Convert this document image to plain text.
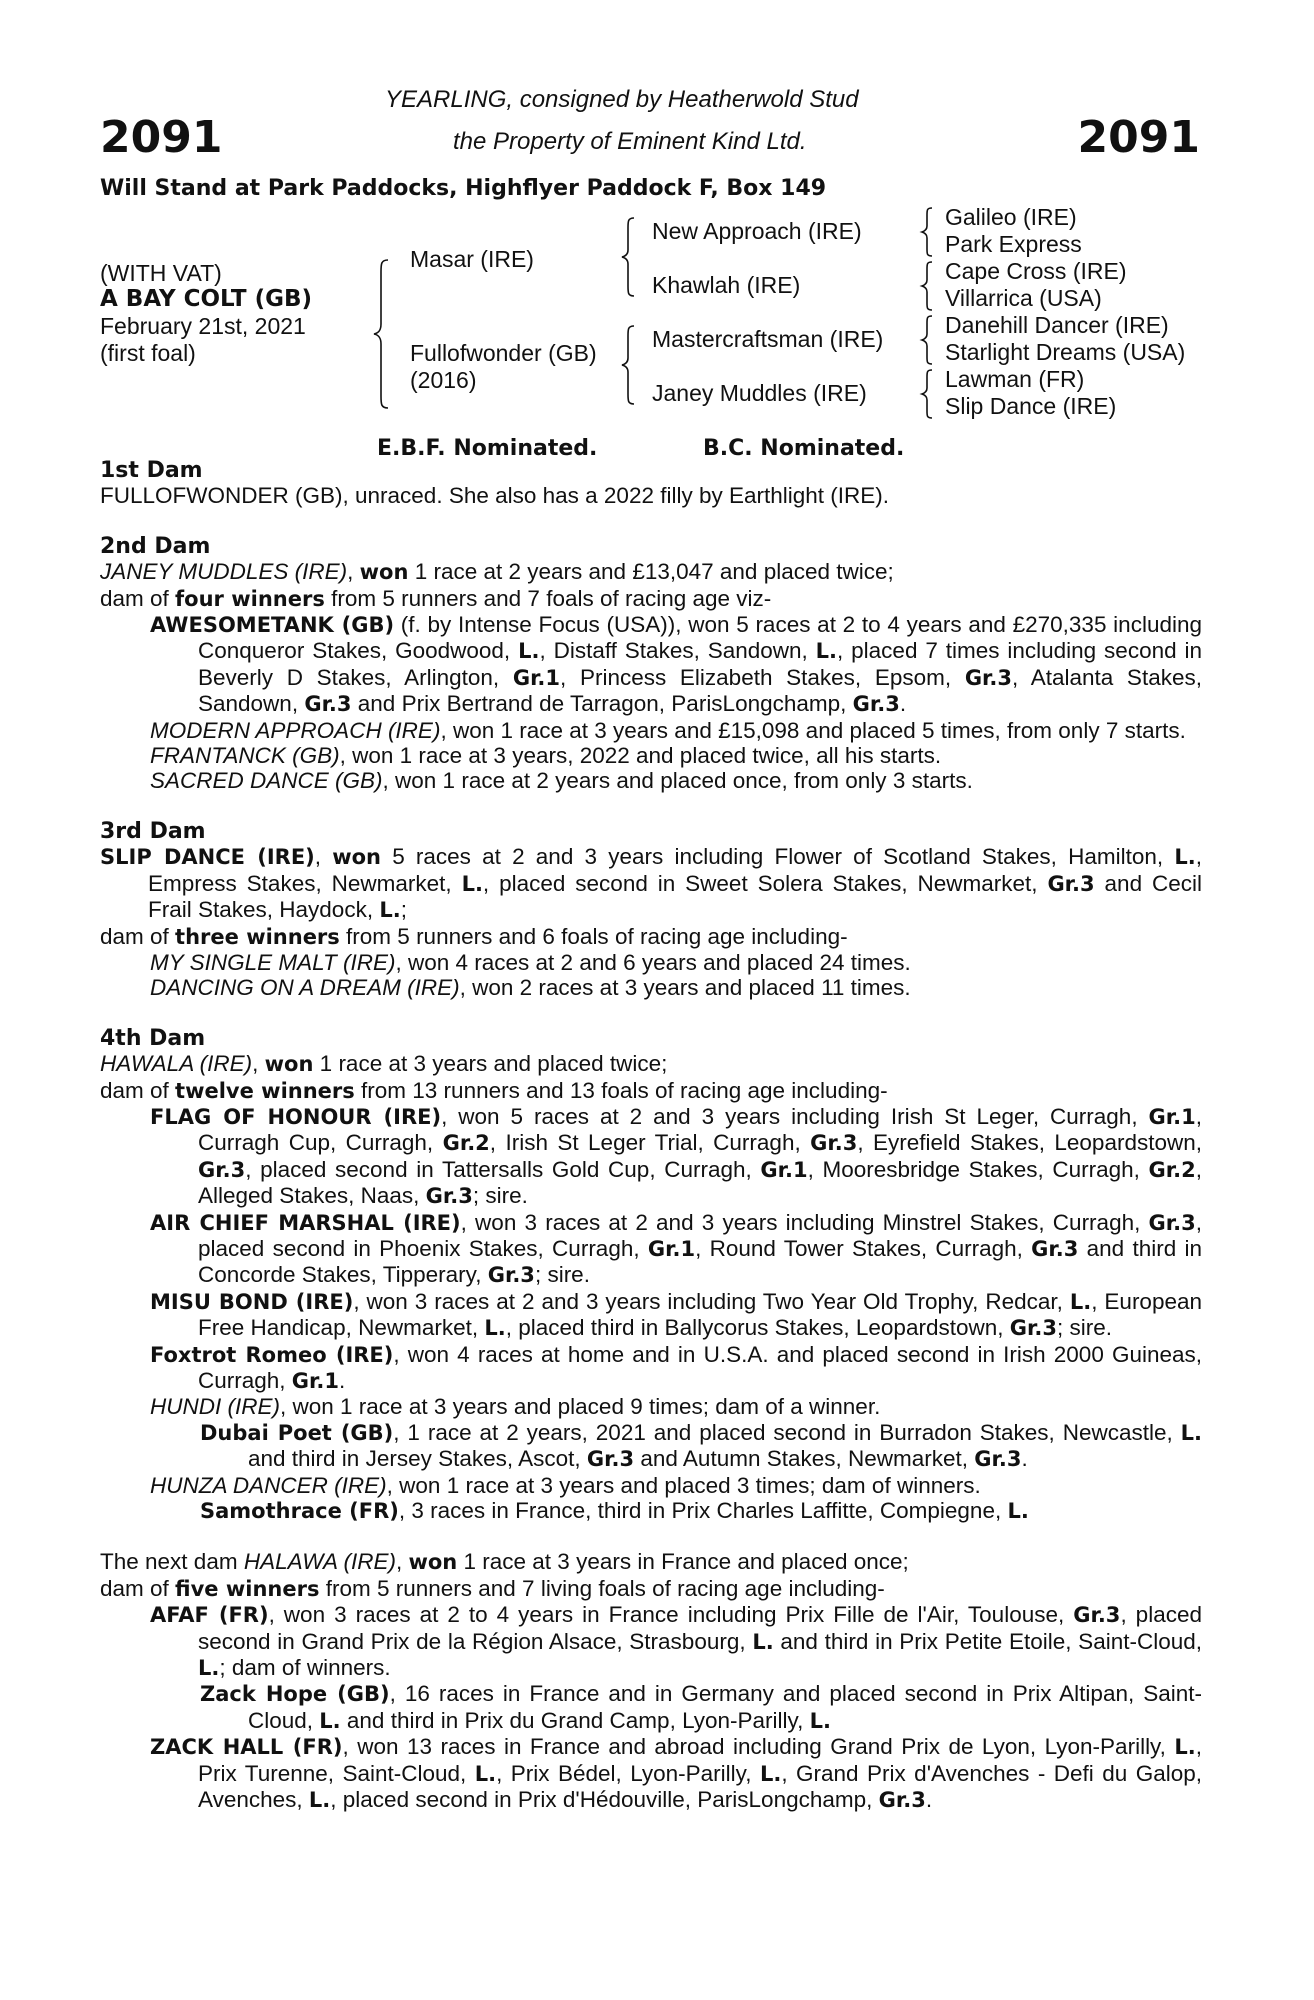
2091	2091
YEARLING, consigned by Heatherwold Stud
the Property of Eminent Kind Ltd.
Will Stand at Park Paddocks, Highflyer Paddock F, Box 149
(WITH VAT)
A BAY COLT (GB)
February 21st, 2021
(first foal)
Masar (IRE)
Fullofwonder (GB)
(2016)
New Approach (IRE)
Khawlah (IRE)
Mastercraftsman (IRE)
Janey Muddles (IRE)
Galileo (IRE)
Park Express
Cape Cross (IRE)
Villarrica (USA)
Danehill Dancer (IRE)
Starlight Dreams (USA)
Lawman (FR)
Slip Dance (IRE)
E.B.F. Nominated.	B.C. Nominated.
1st Dam
FULLOFWONDER (GB), unraced. She also has a 2022 filly by Earthlight (IRE).
2nd Dam
JANEY MUDDLES (IRE), won 1 race at 2 years and £13,047 and placed twice;
dam of four winners from 5 runners and 7 foals of racing age viz-
AWESOMETANK (GB) (f. by Intense Focus (USA)), won 5 races at 2 to 4 years and £270,335 including Conqueror Stakes, Goodwood, L., Distaff Stakes, Sandown, L., placed 7 times including second in Beverly D Stakes, Arlington, Gr.1, Princess Elizabeth Stakes, Epsom, Gr.3, Atalanta Stakes, Sandown, Gr.3 and Prix Bertrand de Tarragon, ParisLongchamp, Gr.3.
MODERN APPROACH (IRE), won 1 race at 3 years and £15,098 and placed 5 times, from only 7 starts.
FRANTANCK (GB), won 1 race at 3 years, 2022 and placed twice, all his starts.
SACRED DANCE (GB), won 1 race at 2 years and placed once, from only 3 starts.
3rd Dam
SLIP DANCE (IRE), won 5 races at 2 and 3 years including Flower of Scotland Stakes, Hamilton, L., Empress Stakes, Newmarket, L., placed second in Sweet Solera Stakes, Newmarket, Gr.3 and Cecil Frail Stakes, Haydock, L.;
dam of three winners from 5 runners and 6 foals of racing age including-
MY SINGLE MALT (IRE), won 4 races at 2 and 6 years and placed 24 times.
DANCING ON A DREAM (IRE), won 2 races at 3 years and placed 11 times.
4th Dam
HAWALA (IRE), won 1 race at 3 years and placed twice;
dam of twelve winners from 13 runners and 13 foals of racing age including-
FLAG OF HONOUR (IRE), won 5 races at 2 and 3 years including Irish St Leger, Curragh, Gr.1, Curragh Cup, Curragh, Gr.2, Irish St Leger Trial, Curragh, Gr.3, Eyrefield Stakes, Leopardstown, Gr.3, placed second in Tattersalls Gold Cup, Curragh, Gr.1, Mooresbridge Stakes, Curragh, Gr.2, Alleged Stakes, Naas, Gr.3; sire.
AIR CHIEF MARSHAL (IRE), won 3 races at 2 and 3 years including Minstrel Stakes, Curragh, Gr.3, placed second in Phoenix Stakes, Curragh, Gr.1, Round Tower Stakes, Curragh, Gr.3 and third in Concorde Stakes, Tipperary, Gr.3; sire.
MISU BOND (IRE), won 3 races at 2 and 3 years including Two Year Old Trophy, Redcar, L., European Free Handicap, Newmarket, L., placed third in Ballycorus Stakes, Leopardstown, Gr.3; sire.
Foxtrot Romeo (IRE), won 4 races at home and in U.S.A. and placed second in Irish 2000 Guineas, Curragh, Gr.1.
HUNDI (IRE), won 1 race at 3 years and placed 9 times; dam of a winner.
Dubai Poet (GB), 1 race at 2 years, 2021 and placed second in Burradon Stakes, Newcastle, L. and third in Jersey Stakes, Ascot, Gr.3 and Autumn Stakes, Newmarket, Gr.3.
HUNZA DANCER (IRE), won 1 race at 3 years and placed 3 times; dam of winners.
Samothrace (FR), 3 races in France, third in Prix Charles Laffitte, Compiegne, L.
The next dam HALAWA (IRE), won 1 race at 3 years in France and placed once;
dam of five winners from 5 runners and 7 living foals of racing age including-
AFAF (FR), won 3 races at 2 to 4 years in France including Prix Fille de l'Air, Toulouse, Gr.3, placed second in Grand Prix de la Région Alsace, Strasbourg, L. and third in Prix Petite Etoile, Saint-Cloud, L.; dam of winners.
Zack Hope (GB), 16 races in France and in Germany and placed second in Prix Altipan, Saint-Cloud, L. and third in Prix du Grand Camp, Lyon-Parilly, L.
ZACK HALL (FR), won 13 races in France and abroad including Grand Prix de Lyon, Lyon-Parilly, L., Prix Turenne, Saint-Cloud, L., Prix Bédel, Lyon-Parilly, L., Grand Prix d'Avenches - Defi du Galop, Avenches, L., placed second in Prix d'Hédouville, ParisLongchamp, Gr.3.
